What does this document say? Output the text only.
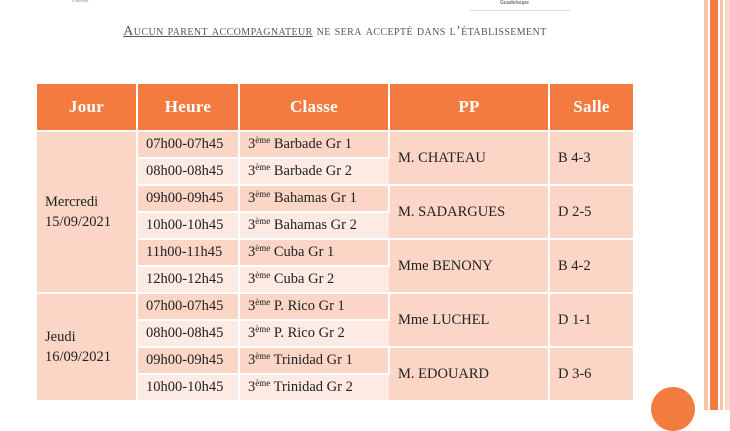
Fraternité	Guadeloupe
Aucun parent accompagnateur ne sera accepté dans l’établissement
Jour	Heure	Classe	PP	Salle

Mercredi
15/09/2021	07h00-07h45	3ème Barbade Gr 1	M. CHATEAU	B 4-3
	08h00-08h45	3ème Barbade Gr 2		
	09h00-09h45	3ème Bahamas Gr 1	M. SADARGUES	D 2-5
	10h00-10h45	3ème Bahamas Gr 2		
	11h00-11h45	3ème Cuba Gr 1	Mme BENONY	B 4-2
	12h00-12h45	3ème Cuba Gr 2		

Jeudi
16/09/2021	07h00-07h45	3ème P. Rico Gr 1	Mme LUCHEL	D 1-1
	08h00-08h45	3ème P. Rico Gr 2		
	09h00-09h45	3ème Trinidad Gr 1	M. EDOUARD	D 3-6
	10h00-10h45	3ème Trinidad Gr 2		
